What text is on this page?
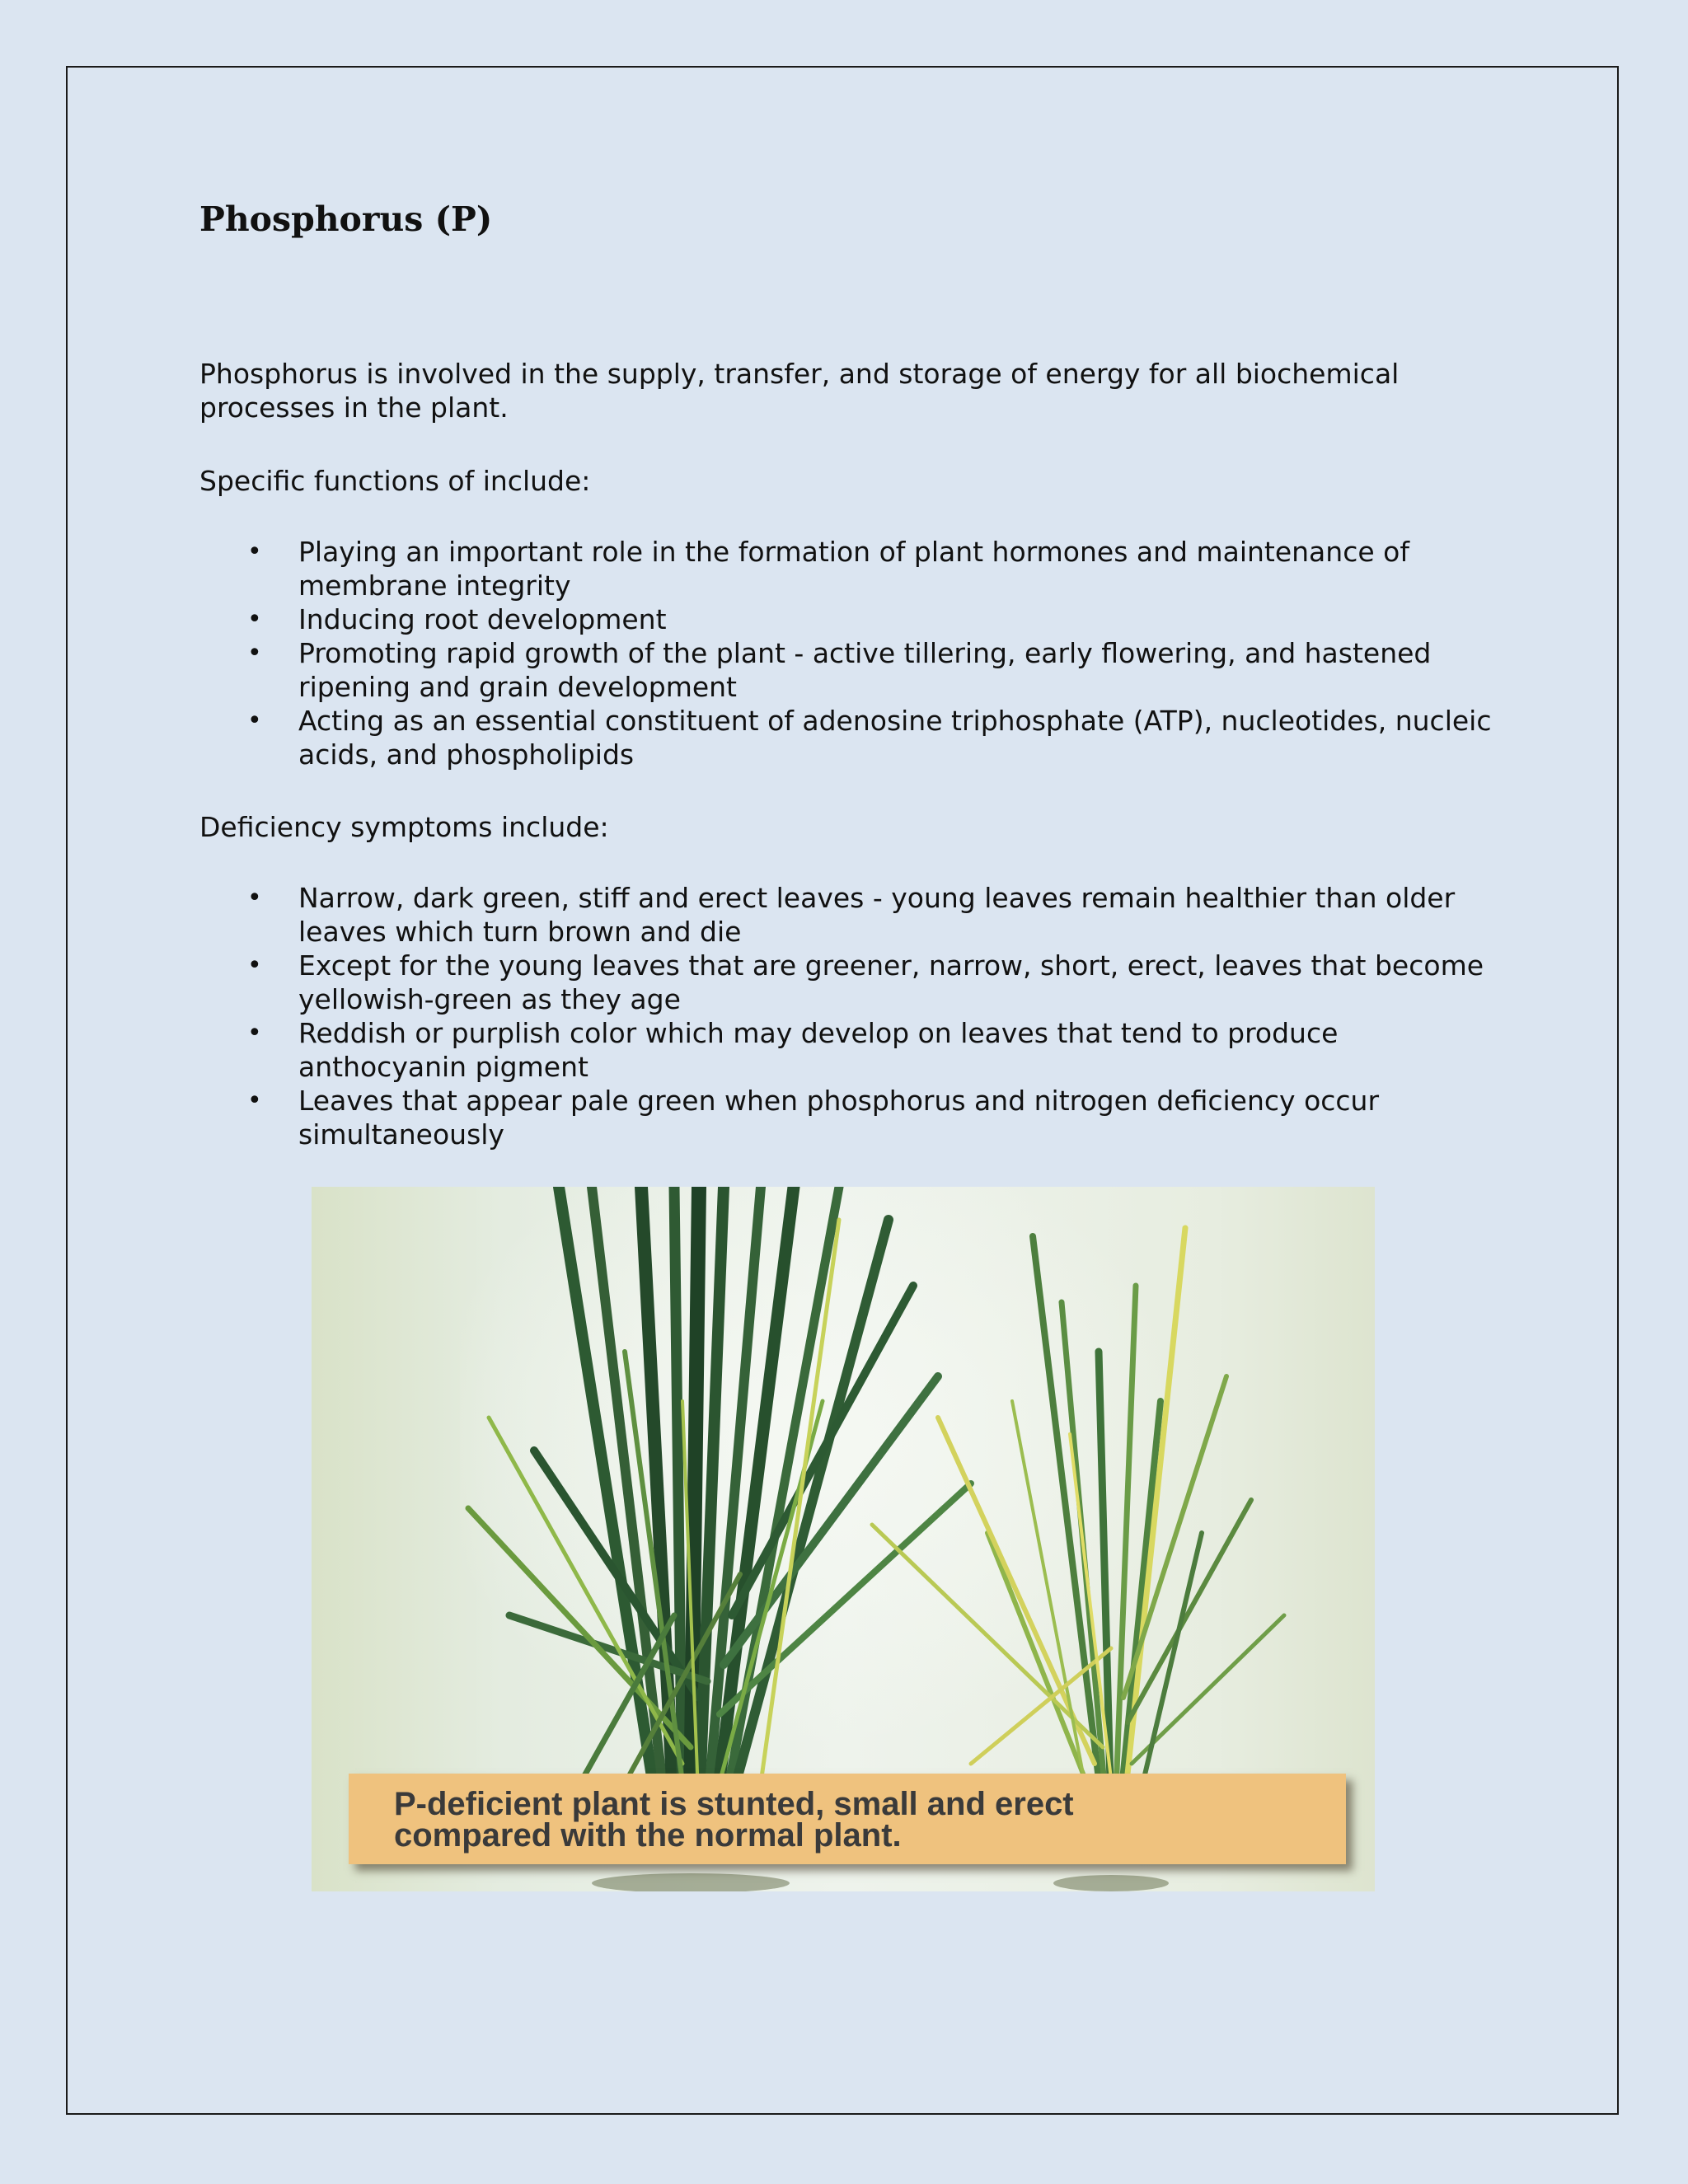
Phosphorus (P)

Phosphorus is involved in the supply, transfer, and storage of energy for all biochemical processes in the plant.

Specific functions of include:

• Playing an important role in the formation of plant hormones and maintenance of membrane integrity
• Inducing root development
• Promoting rapid growth of the plant - active tillering, early flowering, and hastened ripening and grain development
• Acting as an essential constituent of adenosine triphosphate (ATP), nucleotides, nucleic acids, and phospholipids

Deficiency symptoms include:

• Narrow, dark green, stiff and erect leaves - young leaves remain healthier than older leaves which turn brown and die
• Except for the young leaves that are greener, narrow, short, erect, leaves that become yellowish-green as they age
• Reddish or purplish color which may develop on leaves that tend to produce anthocyanin pigment
• Leaves that appear pale green when phosphorus and nitrogen deficiency occur simultaneously
P-deficient plant is stunted, small and erect
compared with the normal plant.
